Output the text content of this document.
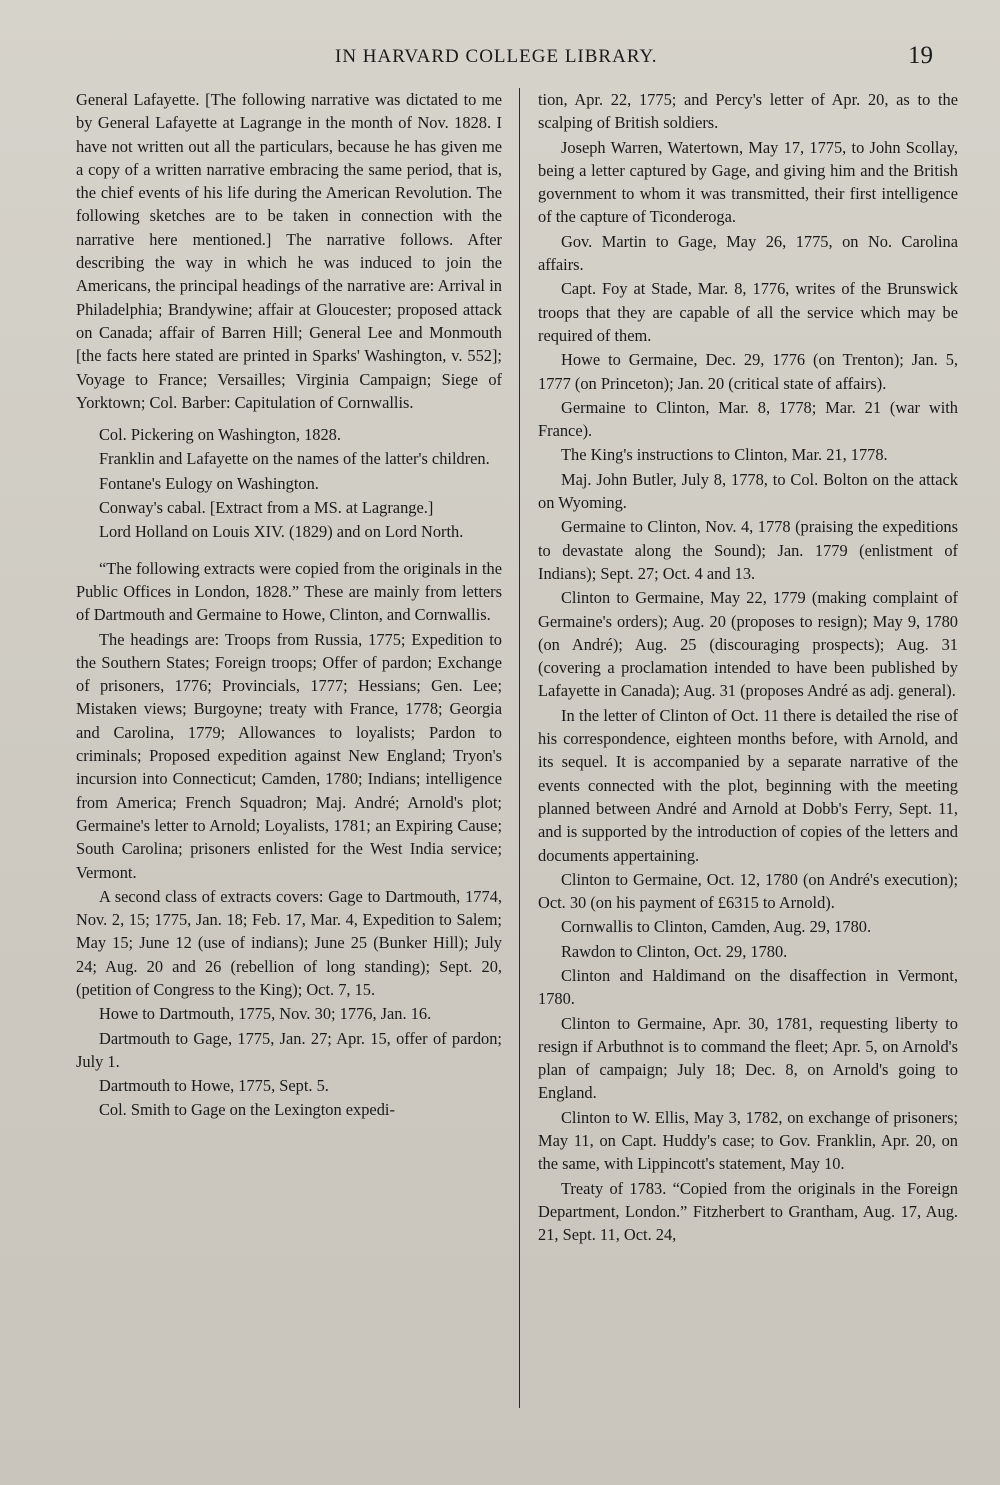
IN HARVARD COLLEGE LIBRARY.	19

General Lafayette. [The following narrative was dictated to me by General Lafayette at Lagrange in the month of Nov. 1828. I have not written out all the particulars, because he has given me a copy of a written narrative embracing the same period, that is, the chief events of his life during the American Revolution. The following sketches are to be taken in connection with the narrative here mentioned.] The narrative follows. After describing the way in which he was induced to join the Americans, the principal headings of the narrative are: Arrival in Philadelphia; Brandywine; affair at Gloucester; proposed attack on Canada; affair of Barren Hill; General Lee and Monmouth [the facts here stated are printed in Sparks' Washington, v. 552]; Voyage to France; Versailles; Virginia Campaign; Siege of Yorktown; Col. Barber: Capitulation of Cornwallis.

Col. Pickering on Washington, 1828.

Franklin and Lafayette on the names of the latter's children.

Fontane's Eulogy on Washington.

Conway's cabal. [Extract from a MS. at Lagrange.]

Lord Holland on Louis XIV. (1829) and on Lord North.

“The following extracts were copied from the originals in the Public Offices in London, 1828.” These are mainly from letters of Dartmouth and Germaine to Howe, Clinton, and Cornwallis.

The headings are: Troops from Russia, 1775; Expedition to the Southern States; Foreign troops; Offer of pardon; Exchange of prisoners, 1776; Provincials, 1777; Hessians; Gen. Lee; Mistaken views; Burgoyne; treaty with France, 1778; Georgia and Carolina, 1779; Allowances to loyalists; Pardon to criminals; Proposed expedition against New England; Tryon's incursion into Connecticut; Camden, 1780; Indians; intelligence from America; French Squadron; Maj. André; Arnold's plot; Germaine's letter to Arnold; Loyalists, 1781; an Expiring Cause; South Carolina; prisoners enlisted for the West India service; Vermont.

A second class of extracts covers: Gage to Dartmouth, 1774, Nov. 2, 15; 1775, Jan. 18; Feb. 17, Mar. 4, Expedition to Salem; May 15; June 12 (use of indians); June 25 (Bunker Hill); July 24; Aug. 20 and 26 (rebellion of long standing); Sept. 20, (petition of Congress to the King); Oct. 7, 15.

Howe to Dartmouth, 1775, Nov. 30; 1776, Jan. 16.

Dartmouth to Gage, 1775, Jan. 27; Apr. 15, offer of pardon; July 1.

Dartmouth to Howe, 1775, Sept. 5.

Col. Smith to Gage on the Lexington expedi-

tion, Apr. 22, 1775; and Percy's letter of Apr. 20, as to the scalping of British soldiers.

Joseph Warren, Watertown, May 17, 1775, to John Scollay, being a letter captured by Gage, and giving him and the British government to whom it was transmitted, their first intelligence of the capture of Ticonderoga.

Gov. Martin to Gage, May 26, 1775, on No. Carolina affairs.

Capt. Foy at Stade, Mar. 8, 1776, writes of the Brunswick troops that they are capable of all the service which may be required of them.

Howe to Germaine, Dec. 29, 1776 (on Trenton); Jan. 5, 1777 (on Princeton); Jan. 20 (critical state of affairs).

Germaine to Clinton, Mar. 8, 1778; Mar. 21 (war with France).

The King's instructions to Clinton, Mar. 21, 1778.

Maj. John Butler, July 8, 1778, to Col. Bolton on the attack on Wyoming.

Germaine to Clinton, Nov. 4, 1778 (praising the expeditions to devastate along the Sound); Jan. 1779 (enlistment of Indians); Sept. 27; Oct. 4 and 13.

Clinton to Germaine, May 22, 1779 (making complaint of Germaine's orders); Aug. 20 (proposes to resign); May 9, 1780 (on André); Aug. 25 (discouraging prospects); Aug. 31 (covering a proclamation intended to have been published by Lafayette in Canada); Aug. 31 (proposes André as adj. general).

In the letter of Clinton of Oct. 11 there is detailed the rise of his correspondence, eighteen months before, with Arnold, and its sequel. It is accompanied by a separate narrative of the events connected with the plot, beginning with the meeting planned between André and Arnold at Dobb's Ferry, Sept. 11, and is supported by the introduction of copies of the letters and documents appertaining.

Clinton to Germaine, Oct. 12, 1780 (on André's execution); Oct. 30 (on his payment of £6315 to Arnold).

Cornwallis to Clinton, Camden, Aug. 29, 1780.

Rawdon to Clinton, Oct. 29, 1780.

Clinton and Haldimand on the disaffection in Vermont, 1780.

Clinton to Germaine, Apr. 30, 1781, requesting liberty to resign if Arbuthnot is to command the fleet; Apr. 5, on Arnold's plan of campaign; July 18; Dec. 8, on Arnold's going to England.

Clinton to W. Ellis, May 3, 1782, on exchange of prisoners; May 11, on Capt. Huddy's case; to Gov. Franklin, Apr. 20, on the same, with Lippincott's statement, May 10.

Treaty of 1783. “Copied from the originals in the Foreign Department, London.” Fitzherbert to Grantham, Aug. 17, Aug. 21, Sept. 11, Oct. 24,
